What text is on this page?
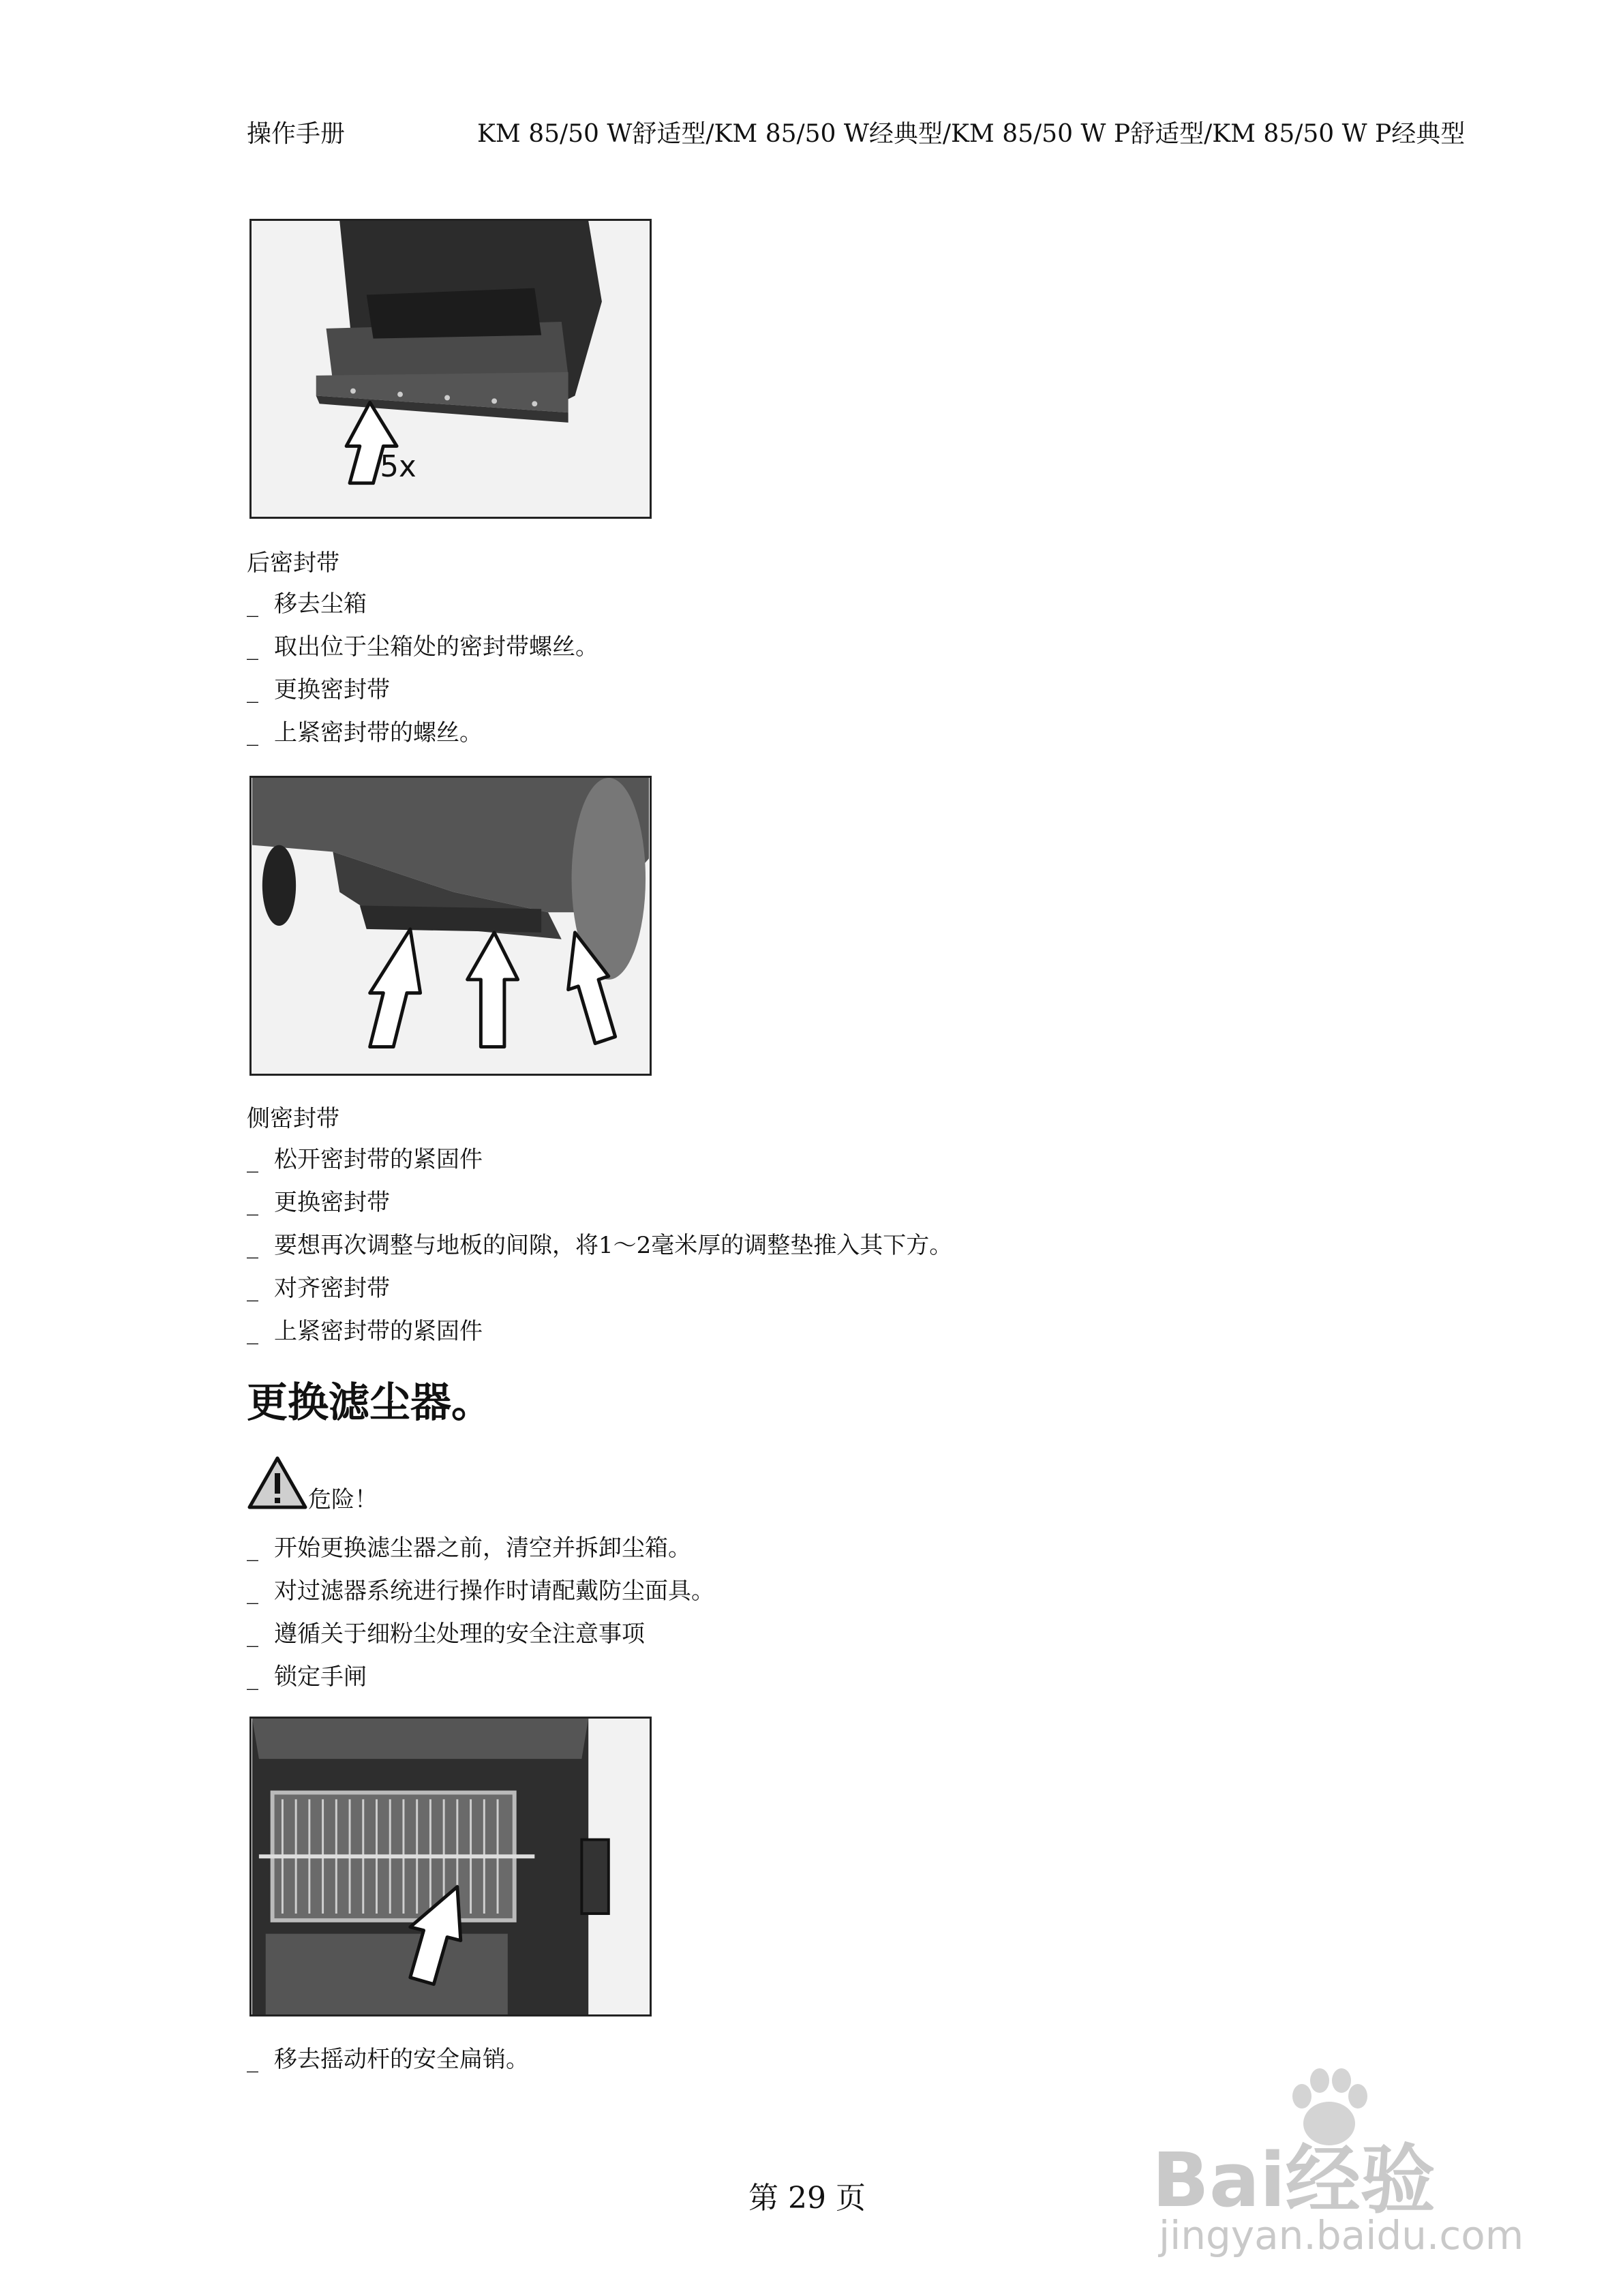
操作手册	KM 85/50 W舒适型/KM 85/50 W经典型/KM 85/50 W P舒适型/KM 85/50 W P经典型
5x
后密封带
_ 移去尘箱
_ 取出位于尘箱处的密封带螺丝。
_ 更换密封带
_ 上紧密封带的螺丝。
侧密封带
_ 松开密封带的紧固件
_ 更换密封带
_ 要想再次调整与地板的间隙，将1～2毫米厚的调整垫推入其下方。
_ 对齐密封带
_ 上紧密封带的紧固件
更换滤尘器。
危险！
_ 开始更换滤尘器之前，清空并拆卸尘箱。
_ 对过滤器系统进行操作时请配戴防尘面具。
_ 遵循关于细粉尘处理的安全注意事项
_ 锁定手闸
_ 移去摇动杆的安全扁销。
第 29 页	Bai经验
jingyan.baidu.com
